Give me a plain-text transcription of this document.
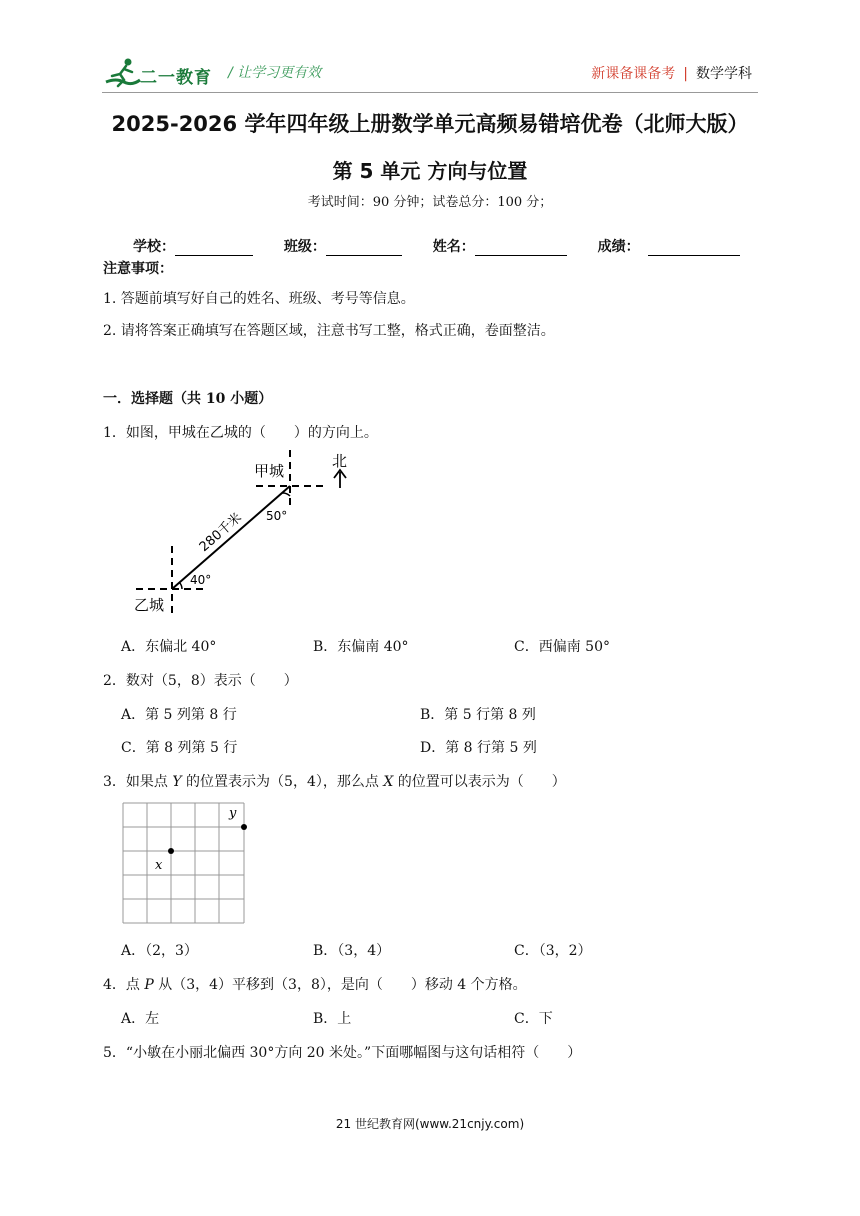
二一教育 / 让学习更有效	新课备课备考 | 数学学科
2025-2026 学年四年级上册数学单元高频易错培优卷（北师大版）
第 5 单元 方向与位置
考试时间：90 分钟；试卷总分：100 分；
学校：	班级：	姓名：	成绩：
注意事项：
1. 答题前填写好自己的姓名、班级、考号等信息。
2. 请将答案正确填写在答题区域，注意书写工整，格式正确，卷面整洁。
一．选择题（共 10 小题）
1．如图，甲城在乙城的（　　）的方向上。
甲城
北
50°
40°
乙城
280千米
A．东偏北 40°	B．东偏南 40°	C．西偏南 50°
2．数对（5，8）表示（　　）
A．第 5 列第 8 行	B．第 5 行第 8 列
C．第 8 列第 5 行	D．第 8 行第 5 列
3．如果点 Y 的位置表示为（5，4），那么点 X 的位置可以表示为（　　）
y
x
A．（2，3）	B．（3，4）	C．（3，2）
4．点 P 从（3，4）平移到（3，8），是向（　　）移动 4 个方格。
A．左	B．上	C．下
5．“小敏在小丽北偏西 30°方向 20 米处。”下面哪幅图与这句话相符（　　）
21 世纪教育网(www.21cnjy.com)
